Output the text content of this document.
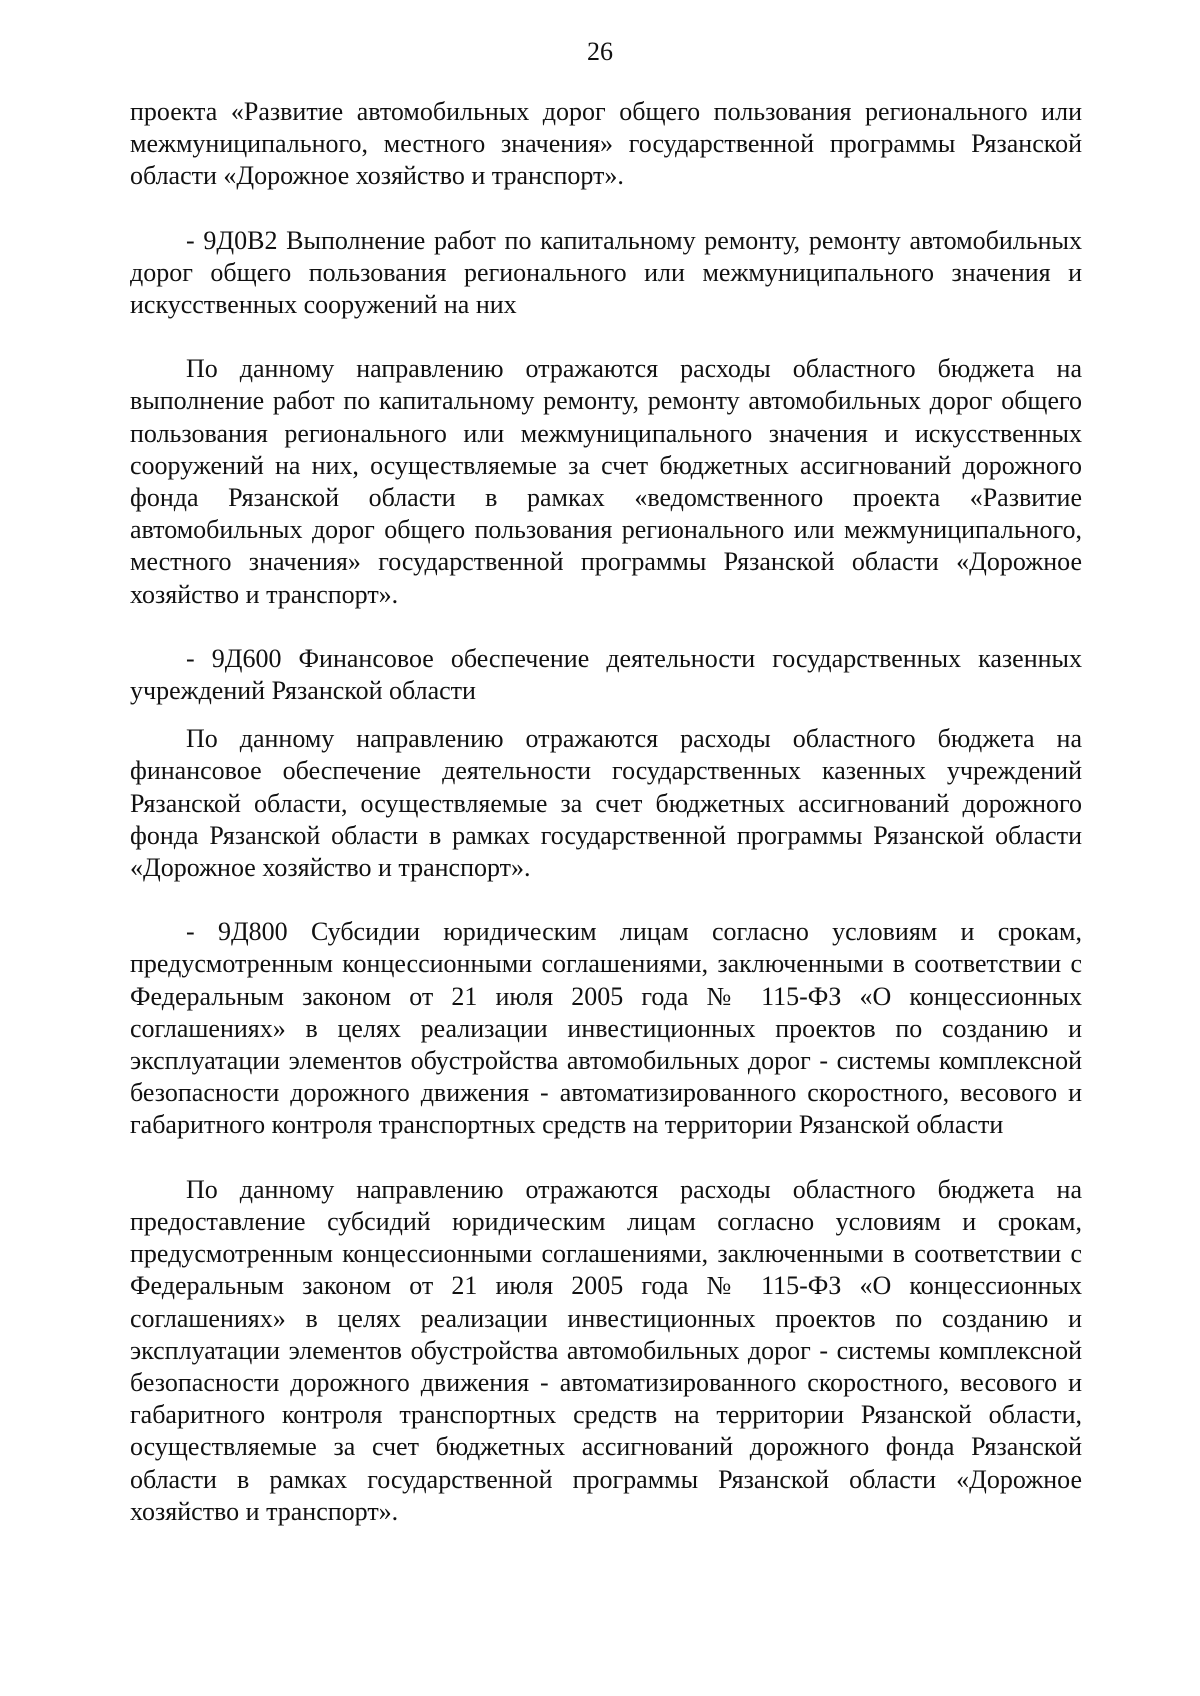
26

проекта «Развитие автомобильных дорог общего пользования регионального или межмуниципального, местного значения» государственной программы Рязанской области «Дорожное хозяйство и транспорт».

- 9Д0В2 Выполнение работ по капитальному ремонту, ремонту автомобильных дорог общего пользования регионального или межмуниципального значения и искусственных сооружений на них

По данному направлению отражаются расходы областного бюджета на выполнение работ по капитальному ремонту, ремонту автомобильных дорог общего пользования регионального или межмуниципального значения и искусственных сооружений на них, осуществляемые за счет бюджетных ассигнований дорожного фонда Рязанской области в рамках «ведомственного проекта «Развитие автомобильных дорог общего пользования регионального или межмуниципального, местного значения» государственной программы Рязанской области «Дорожное хозяйство и транспорт».

- 9Д600 Финансовое обеспечение деятельности государственных казенных учреждений Рязанской области

По данному направлению отражаются расходы областного бюджета на финансовое обеспечение деятельности государственных казенных учреждений Рязанской области, осуществляемые за счет бюджетных ассигнований дорожного фонда Рязанской области в рамках государственной программы Рязанской области «Дорожное хозяйство и транспорт».

- 9Д800 Субсидии юридическим лицам согласно условиям и срокам, предусмотренным концессионными соглашениями, заключенными в соответствии с Федеральным законом от 21 июля 2005 года № 115-ФЗ «О концессионных соглашениях» в целях реализации инвестиционных проектов по созданию и эксплуатации элементов обустройства автомобильных дорог - системы комплексной безопасности дорожного движения - автоматизированного скоростного, весового и габаритного контроля транспортных средств на территории Рязанской области

По данному направлению отражаются расходы областного бюджета на предоставление субсидий юридическим лицам согласно условиям и срокам, предусмотренным концессионными соглашениями, заключенными в соответствии с Федеральным законом от 21 июля 2005 года № 115-ФЗ «О концессионных соглашениях» в целях реализации инвестиционных проектов по созданию и эксплуатации элементов обустройства автомобильных дорог - системы комплексной безопасности дорожного движения - автоматизированного скоростного, весового и габаритного контроля транспортных средств на территории Рязанской области, осуществляемые за счет бюджетных ассигнований дорожного фонда Рязанской области в рамках государственной программы Рязанской области «Дорожное хозяйство и транспорт».
